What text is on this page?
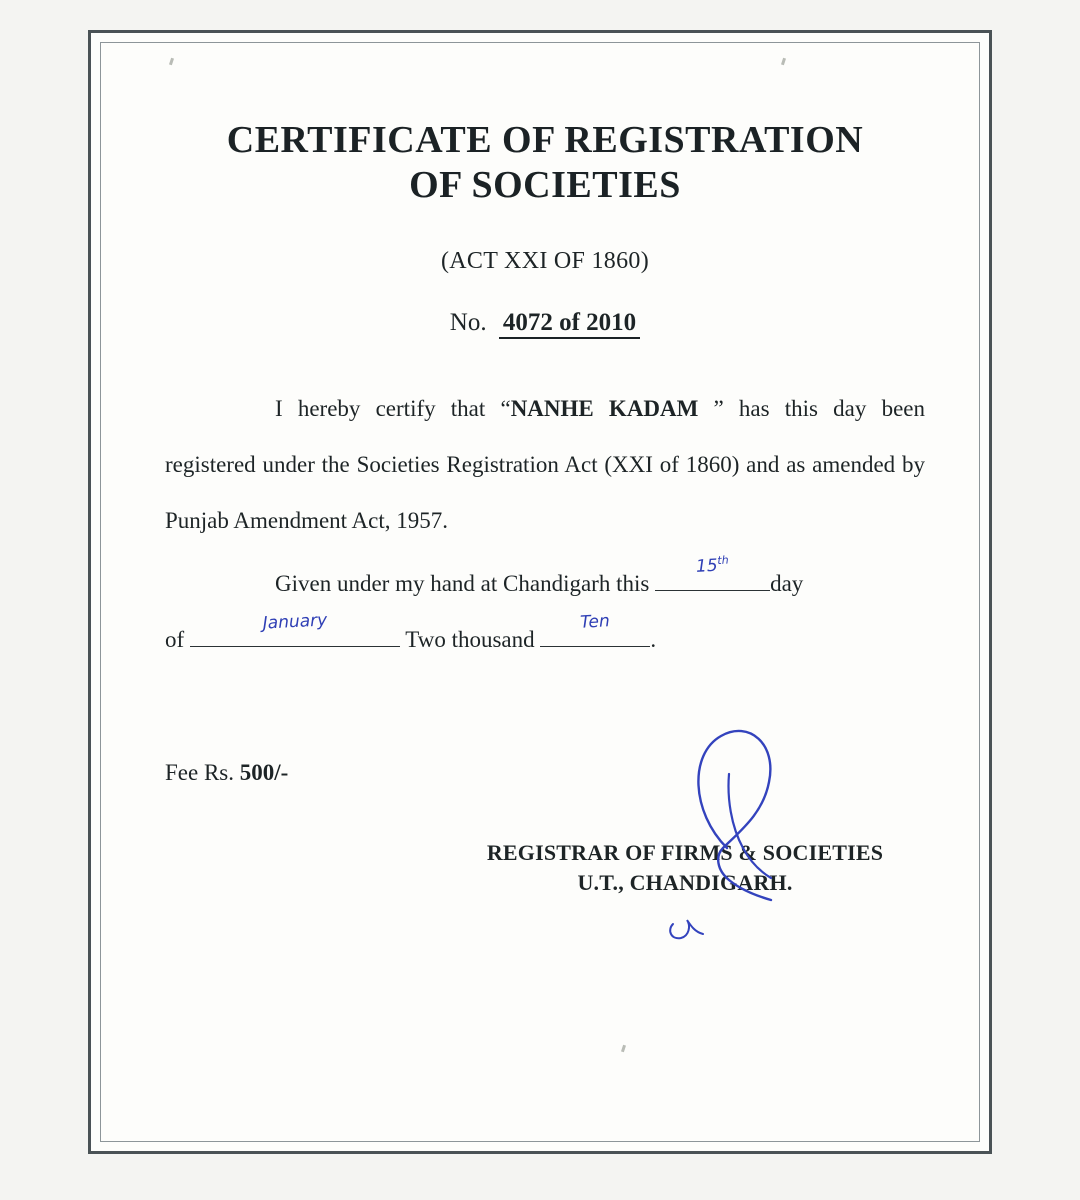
CERTIFICATE OF REGISTRATION
OF SOCIETIES
(ACT XXI OF 1860)
No. 4072 of 2010
I hereby certify that “NANHE KADAM ” has this day been registered under the Societies Registration Act (XXI of 1860) and as amended by Punjab Amendment Act, 1957.
Given under my hand at Chandigarh this
15th
day
of
January
Two thousand
Ten
.
Fee Rs. 500/-
REGISTRAR OF FIRMS & SOCIETIES
U.T., CHANDIGARH.
